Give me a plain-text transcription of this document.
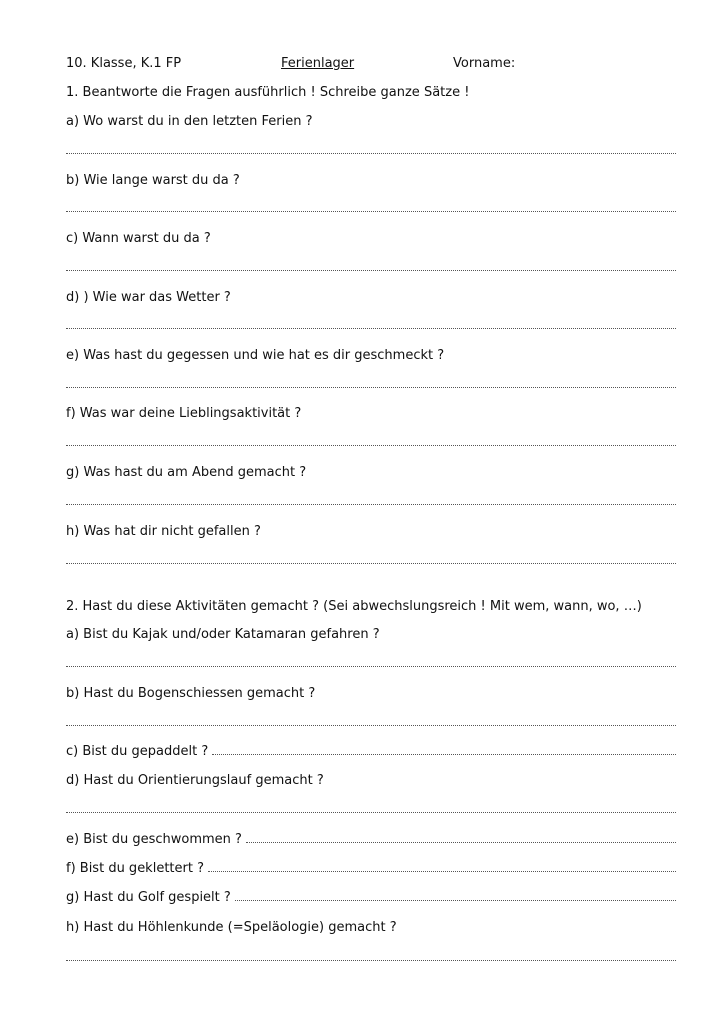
10. Klasse, K.1 FP	Ferienlager	Vorname:
1. Beantworte die Fragen ausführlich ! Schreibe ganze Sätze !
a) Wo warst du in den letzten Ferien ?
b) Wie lange warst du da ?
c) Wann warst du da ?
d) ) Wie war das Wetter ?
e) Was hast du gegessen und wie hat es dir geschmeckt ?
f) Was war deine Lieblingsaktivität ?
g) Was hast du am Abend gemacht ?
h) Was hat dir nicht gefallen ?
2. Hast du diese Aktivitäten gemacht ? (Sei abwechslungsreich ! Mit wem, wann, wo, …)
a) Bist du Kajak und/oder Katamaran gefahren ?
b) Hast du Bogenschiessen gemacht ?
c) Bist du gepaddelt ?
d) Hast du Orientierungslauf gemacht ?
e) Bist du geschwommen ?
f) Bist du geklettert ?
g) Hast du Golf gespielt ?
h) Hast du Höhlenkunde (=Speläologie) gemacht ?
